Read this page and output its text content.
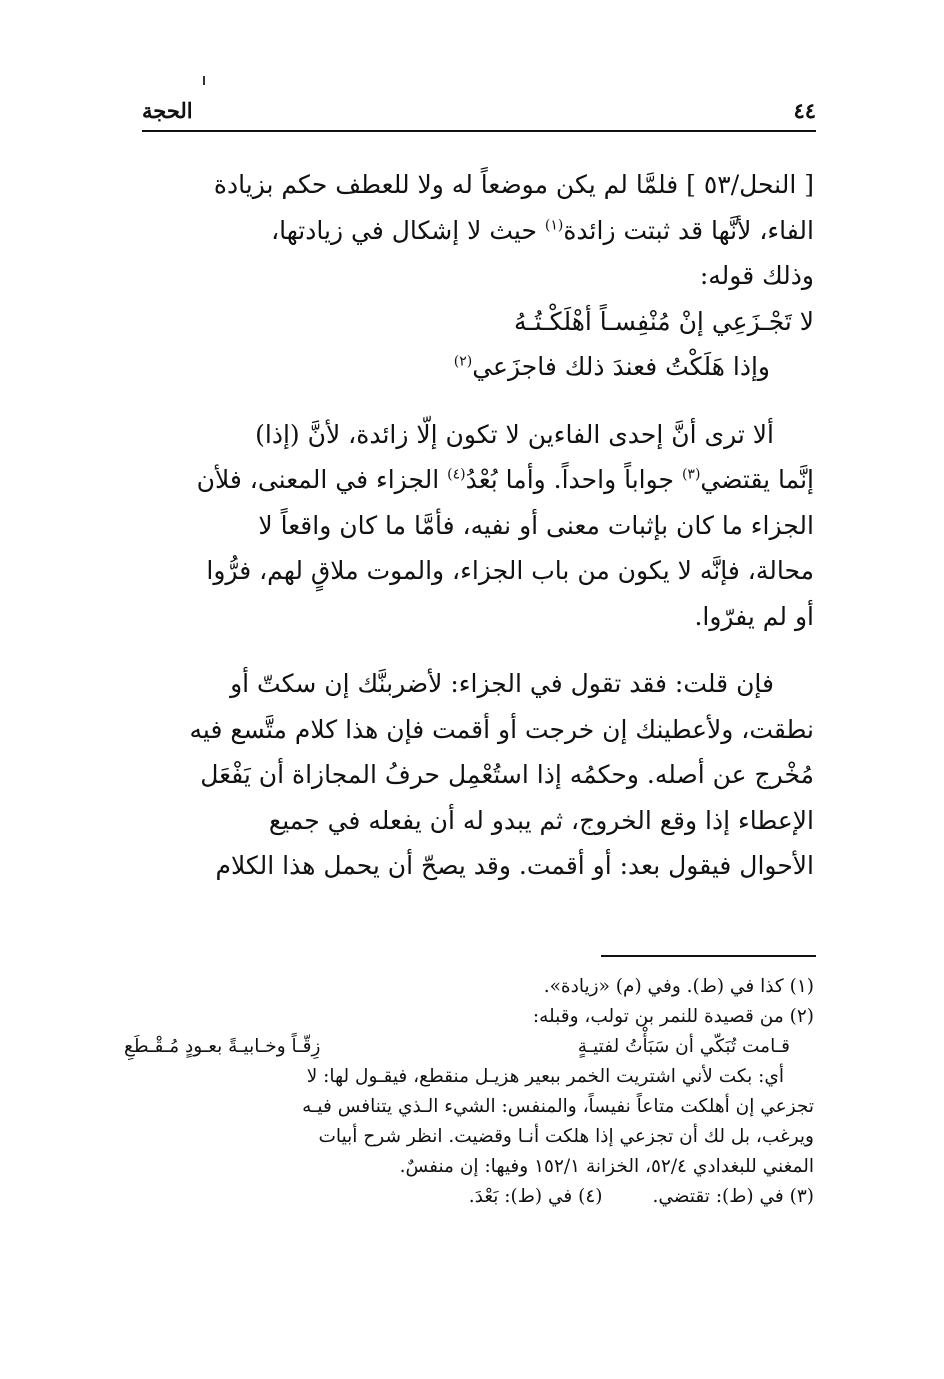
٤٤
الحجة

[ النحل/٥٣ ] فلمَّا لم يكن موضعاً له ولا للعطف حكم بزيادة
الفاء، لأنَّها قد ثبتت زائدة$^{(١)}$ حيث لا إشكال في زيادتها،
وذلك قوله:

لا تَجْـزَعِي إنْ مُنْفِسـاً أهْلَكْـتُـهُ

وإذا هَلَكْتُ فعندَ ذلك فاجزَعي$^{(٢)}$

ألا ترى أنَّ إحدى الفاءين لا تكون إلّا زائدة، لأنَّ (إذا)
إنَّما يقتضي$^{(٣)}$ جواباً واحداً. وأما بُعْدُ$^{(٤)}$ الجزاء في المعنى، فلأن
الجزاء ما كان بإثبات معنى أو نفيه، فأمَّا ما كان واقعاً لا
محالة، فإنَّه لا يكون من باب الجزاء، والموت ملاقٍ لهم، فرُّوا
أو لم يفرّوا.

فإن قلت: فقد تقول في الجزاء: لأضربنَّك إن سكتّ أو
نطقت، ولأعطينك إن خرجت أو أقمت فإن هذا كلام متَّسع فيه
مُخْرج عن أصله. وحكمُه إذا استُعْمِل حرفُ المجازاة أن يَفْعَل
الإعطاء إذا وقع الخروج، ثم يبدو له أن يفعله في جميع
الأحوال فيقول بعد: أو أقمت. وقد يصحّ أن يحمل هذا الكلام

(١) كذا في (ط). وفي (م) «زيادة».

(٢) من قصيدة للنمر بن تولب، وقبله:

قـامت تُبَكّي أن سَبَأْتُ لفتيـةٍ
زِقّـاً وخـابيـةً بعـودٍ مُـقْـطَعِ

أي: بكت لأني اشتريت الخمر ببعير هزيـل منقطع، فيقـول لها: لا

تجزعي إن أهلكت متاعاً نفيساً، والمنفس: الشيء الـذي يتنافس فيـه

ويرغب، بل لك أن تجزعي إذا هلكت أنـا وقضيت. انظر شرح أبيات

المغني للبغدادي ٥٢/٤، الخزانة ١٥٢/١ وفيها: إن منفسٌ.

(٣) في (ط): تقتضي.
(٤) في (ط): بَعْدَ.
